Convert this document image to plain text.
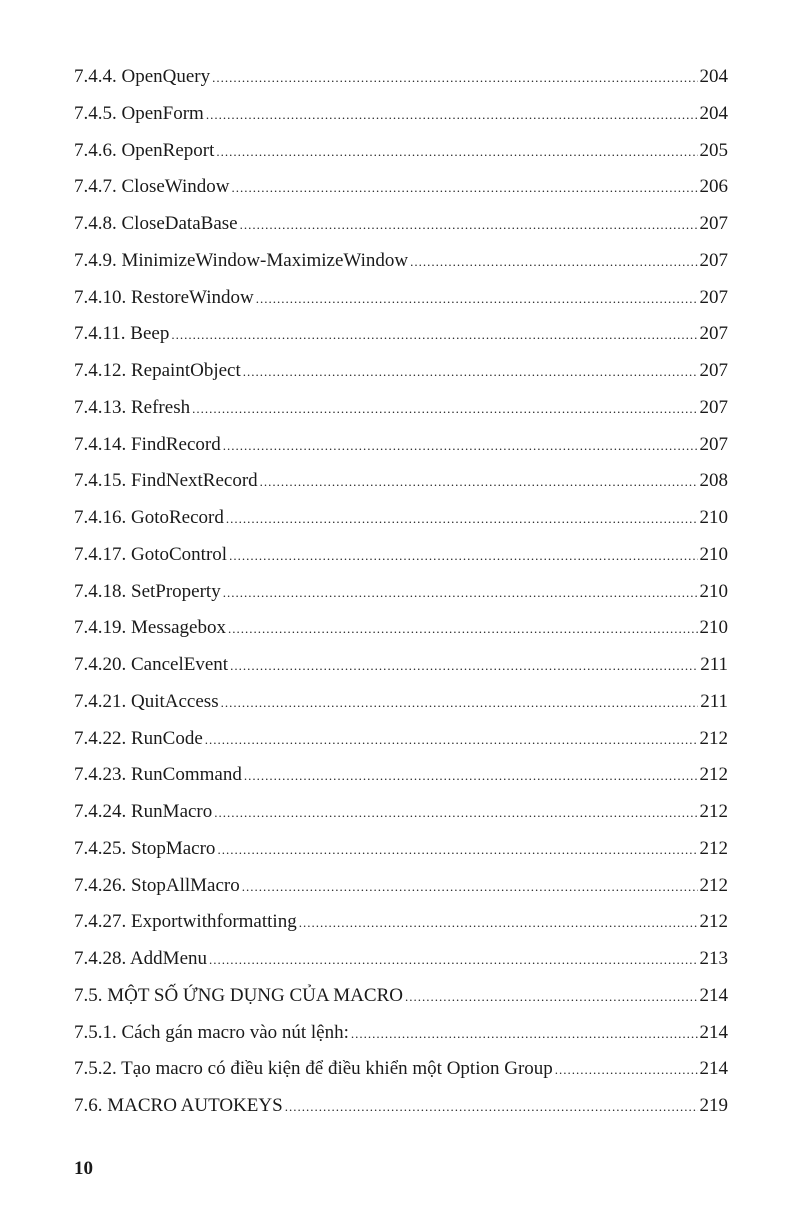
7.4.4. OpenQuery .....	204
7.4.5. OpenForm .....	204
7.4.6. OpenReport .....	205
7.4.7. CloseWindow .....	206
7.4.8. CloseDataBase .....	207
7.4.9. MinimizeWindow-MaximizeWindow .....	207
7.4.10. RestoreWindow .....	207
7.4.11. Beep .....	207
7.4.12. RepaintObject .....	207
7.4.13. Refresh .....	207
7.4.14. FindRecord .....	207
7.4.15. FindNextRecord .....	208
7.4.16. GotoRecord .....	210
7.4.17. GotoControl .....	210
7.4.18. SetProperty .....	210
7.4.19. Messagebox .....	210
7.4.20. CancelEvent .....	211
7.4.21. QuitAccess .....	211
7.4.22. RunCode .....	212
7.4.23. RunCommand .....	212
7.4.24. RunMacro .....	212
7.4.25. StopMacro .....	212
7.4.26. StopAllMacro .....	212
7.4.27. Exportwithformatting .....	212
7.4.28. AddMenu .....	213
7.5. MỘT SỐ ỨNG DỤNG CỦA MACRO .....	214
7.5.1. Cách gán macro vào nút lệnh: .....	214
7.5.2. Tạo macro có điều kiện để điều khiển một Option Group .....	214
7.6. MACRO AUTOKEYS .....	219
10
